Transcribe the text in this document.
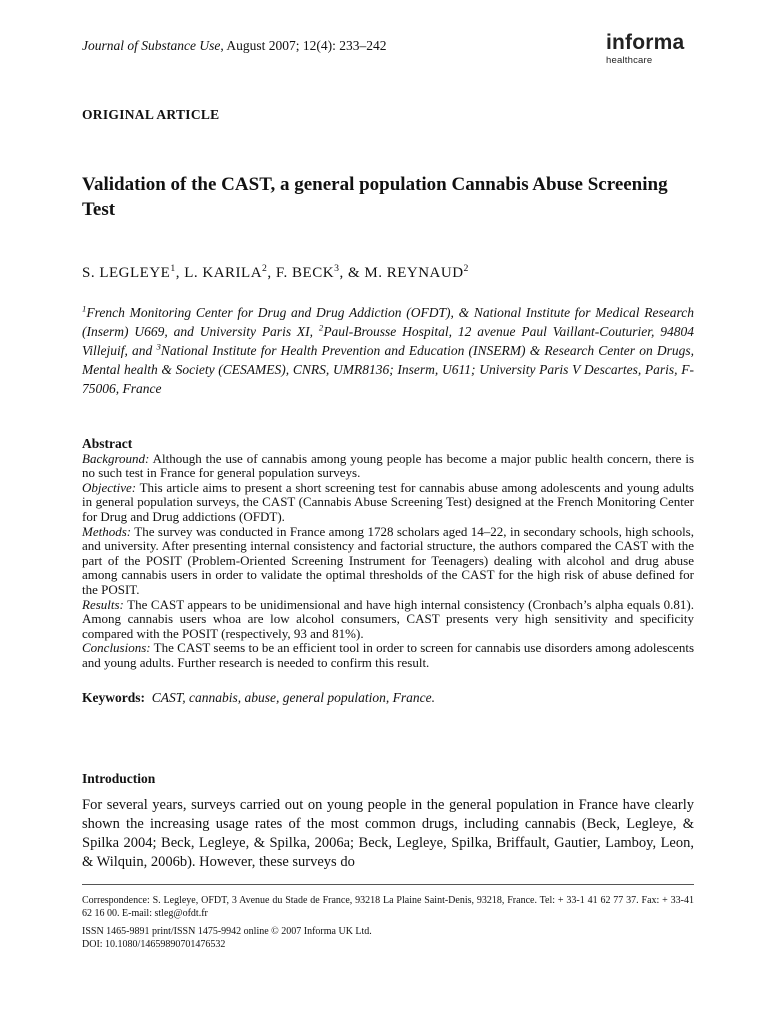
Journal of Substance Use, August 2007; 12(4): 233–242	informa
healthcare
ORIGINAL ARTICLE
Validation of the CAST, a general population Cannabis Abuse Screening Test
S. LEGLEYE$^1$, L. KARILA$^2$, F. BECK$^3$, & M. REYNAUD$^2$
$^1$French Monitoring Center for Drug and Drug Addiction (OFDT), & National Institute for Medical Research (Inserm) U669, and University Paris XI, $^2$Paul-Brousse Hospital, 12 avenue Paul Vaillant-Couturier, 94804 Villejuif, and $^3$National Institute for Health Prevention and Education (INSERM) & Research Center on Drugs, Mental health & Society (CESAMES), CNRS, UMR8136; Inserm, U611; University Paris V Descartes, Paris, F-75006, France
Abstract

Background: Although the use of cannabis among young people has become a major public health concern, there is no such test in France for general population surveys.

Objective: This article aims to present a short screening test for cannabis abuse among adolescents and young adults in general population surveys, the CAST (Cannabis Abuse Screening Test) designed at the French Monitoring Center for Drug and Drug addictions (OFDT).

Methods: The survey was conducted in France among 1728 scholars aged 14–22, in secondary schools, high schools, and university. After presenting internal consistency and factorial structure, the authors compared the CAST with the part of the POSIT (Problem-Oriented Screening Instrument for Teenagers) dealing with alcohol and drug abuse among cannabis users in order to validate the optimal thresholds of the CAST for the high risk of abuse defined for the POSIT.

Results: The CAST appears to be unidimensional and have high internal consistency (Cronbach’s alpha equals 0.81). Among cannabis users whoa are low alcohol consumers, CAST presents very high sensitivity and specificity compared with the POSIT (respectively, 93 and 81%).

Conclusions: The CAST seems to be an efficient tool in order to screen for cannabis use disorders among adolescents and young adults. Further research is needed to confirm this result.

Keywords: CAST, cannabis, abuse, general population, France.
Introduction
For several years, surveys carried out on young people in the general population in France have clearly shown the increasing usage rates of the most common drugs, including cannabis (Beck, Legleye, & Spilka 2004; Beck, Legleye, & Spilka, 2006a; Beck, Legleye, Spilka, Briffault, Gautier, Lamboy, Leon, & Wilquin, 2006b). However, these surveys do
Correspondence: S. Legleye, OFDT, 3 Avenue du Stade de France, 93218 La Plaine Saint-Denis, 93218, France. Tel: + 33-1 41 62 77 37. Fax: + 33-41 62 16 00. E-mail: stleg@ofdt.fr
ISSN 1465-9891 print/ISSN 1475-9942 online © 2007 Informa UK Ltd.
DOI: 10.1080/14659890701476532
